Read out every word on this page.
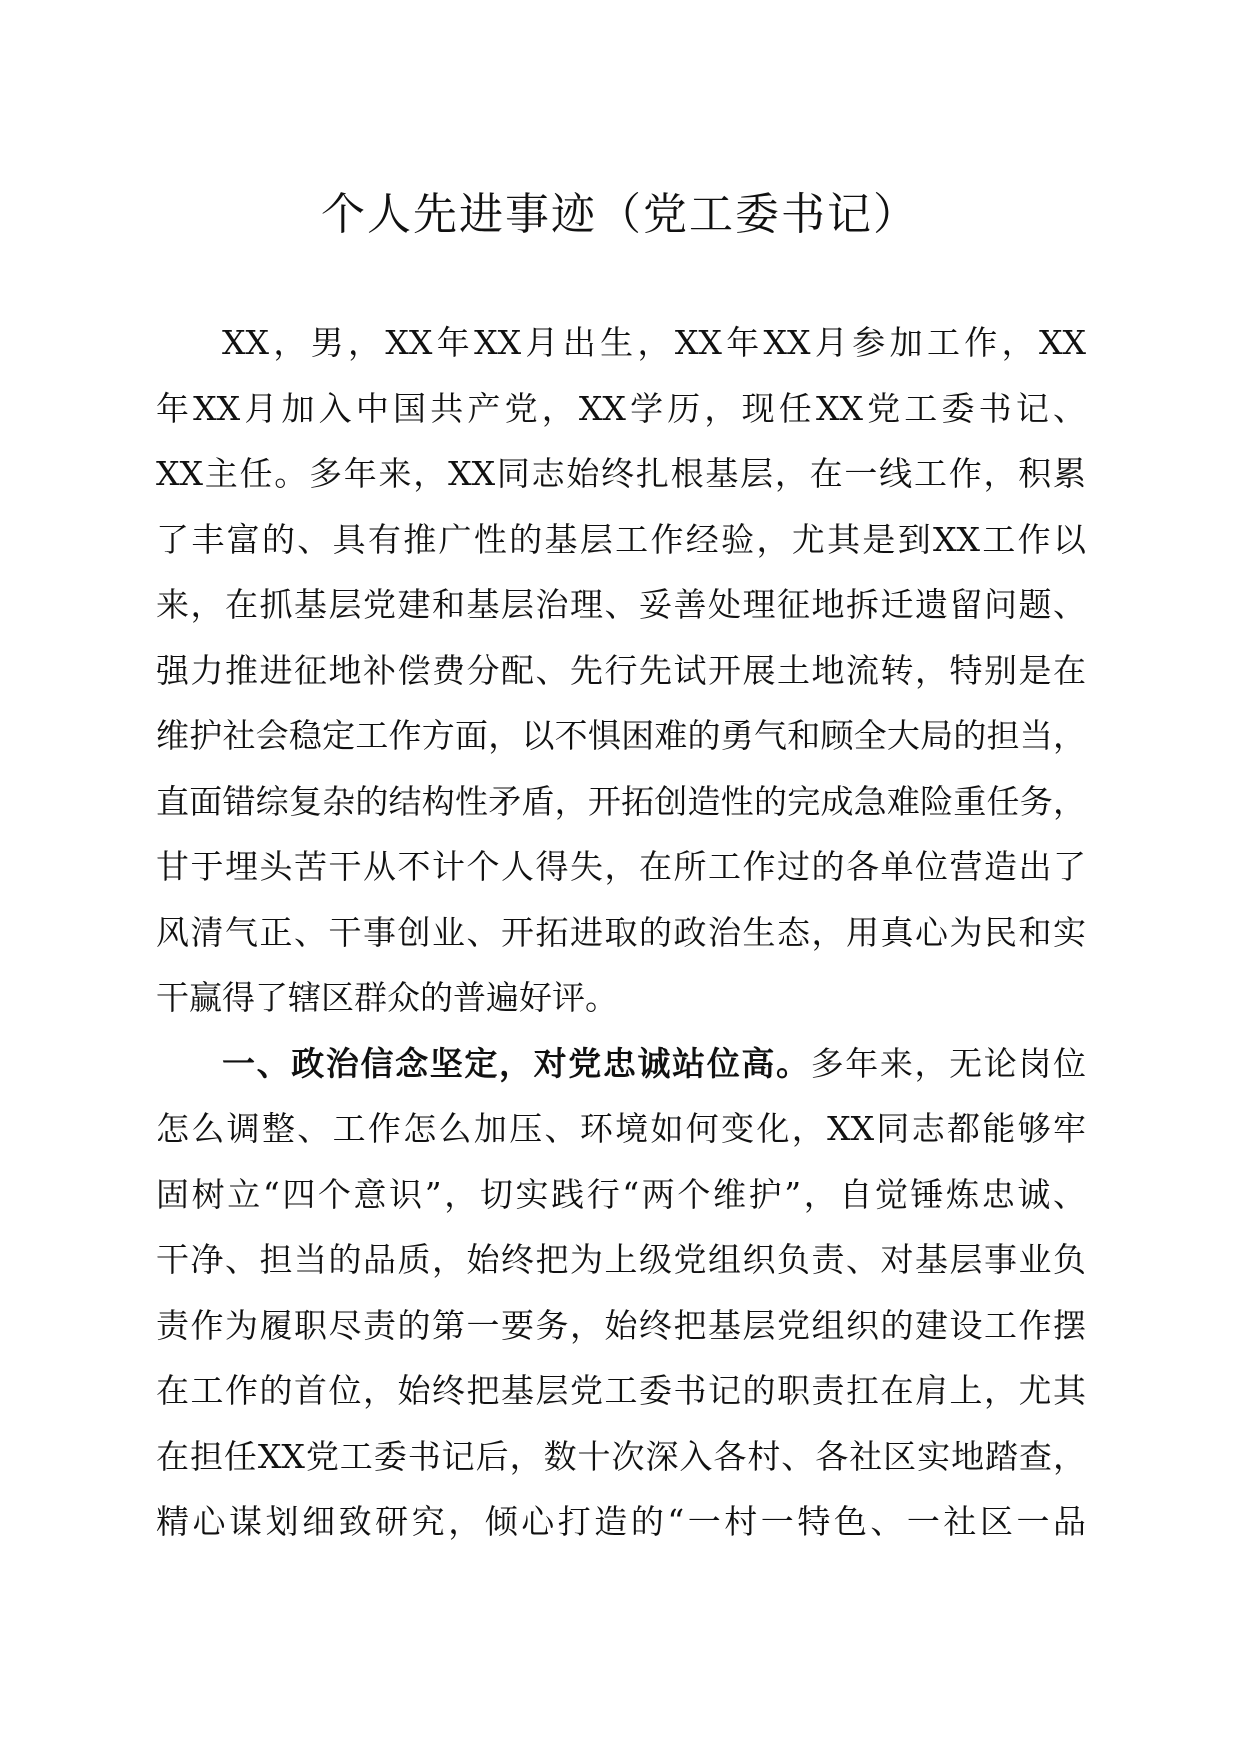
个人先进事迹（党工委书记）
XX，男，XX年XX月出生，XX年XX月参加工作，XX
年XX月加入中国共产党，XX学历，现任XX党工委书记、
XX主任。多年来，XX同志始终扎根基层，在一线工作，积累
了丰富的、具有推广性的基层工作经验，尤其是到XX工作以
来，在抓基层党建和基层治理、妥善处理征地拆迁遗留问题、
强力推进征地补偿费分配、先行先试开展土地流转，特别是在
维护社会稳定工作方面，以不惧困难的勇气和顾全大局的担当，
直面错综复杂的结构性矛盾，开拓创造性的完成急难险重任务，
甘于埋头苦干从不计个人得失，在所工作过的各单位营造出了
风清气正、干事创业、开拓进取的政治生态，用真心为民和实
干赢得了辖区群众的普遍好评。
一、政治信念坚定，对党忠诚站位高。多年来，无论岗位
怎么调整、工作怎么加压、环境如何变化，XX同志都能够牢
固树立“四个意识”，切实践行“两个维护”，自觉锤炼忠诚、
干净、担当的品质，始终把为上级党组织负责、对基层事业负
责作为履职尽责的第一要务，始终把基层党组织的建设工作摆
在工作的首位，始终把基层党工委书记的职责扛在肩上，尤其
在担任XX党工委书记后，数十次深入各村、各社区实地踏查，
精心谋划细致研究，倾心打造的“一村一特色、一社区一品
